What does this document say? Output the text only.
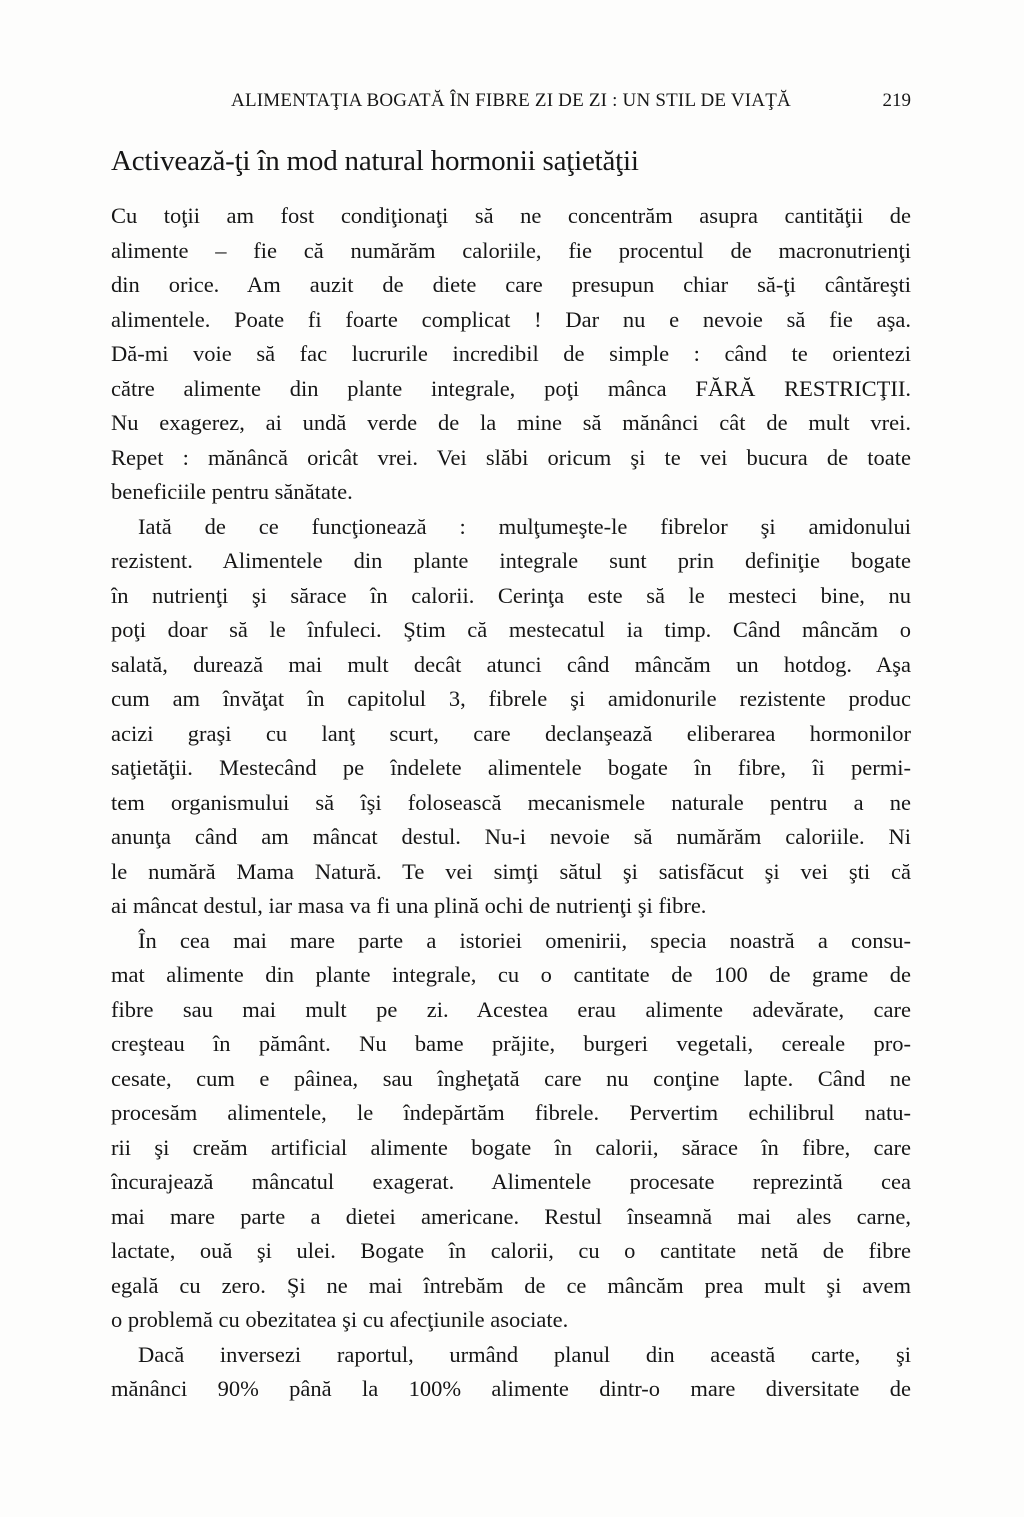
ALIMENTAŢIA BOGATĂ ÎN FIBRE ZI DE ZI : UN STIL DE VIAŢĂ	219
Activează-ţi în mod natural hormonii saţietăţii
Cu toţii am fost condiţionaţi să ne concentrăm asupra cantităţii de
alimente – fie că numărăm caloriile, fie procentul de macronutrienţi
din orice. Am auzit de diete care presupun chiar să-ţi cântăreşti
alimentele. Poate fi foarte complicat ! Dar nu e nevoie să fie aşa.
Dă-mi voie să fac lucrurile incredibil de simple : când te orientezi
către alimente din plante integrale, poţi mânca FĂRĂ RESTRICŢII.
Nu exagerez, ai undă verde de la mine să mănânci cât de mult vrei.
Repet : mănâncă oricât vrei. Vei slăbi oricum şi te vei bucura de toate
beneficiile pentru sănătate.
Iată de ce funcţionează : mulţumeşte-le fibrelor şi amidonului
rezistent. Alimentele din plante integrale sunt prin definiţie bogate
în nutrienţi şi sărace în calorii. Cerinţa este să le mesteci bine, nu
poţi doar să le înfuleci. Ştim că mestecatul ia timp. Când mâncăm o
salată, durează mai mult decât atunci când mâncăm un hotdog. Aşa
cum am învăţat în capitolul 3, fibrele şi amidonurile rezistente produc
acizi graşi cu lanţ scurt, care declanşează eliberarea hormonilor
saţietăţii. Mestecând pe îndelete alimentele bogate în fibre, îi permi-
tem organismului să îşi folosească mecanismele naturale pentru a ne
anunţa când am mâncat destul. Nu-i nevoie să numărăm caloriile. Ni
le numără Mama Natură. Te vei simţi sătul şi satisfăcut şi vei şti că
ai mâncat destul, iar masa va fi una plină ochi de nutrienţi şi fibre.
În cea mai mare parte a istoriei omenirii, specia noastră a consu-
mat alimente din plante integrale, cu o cantitate de 100 de grame de
fibre sau mai mult pe zi. Acestea erau alimente adevărate, care
creşteau în pământ. Nu bame prăjite, burgeri vegetali, cereale pro-
cesate, cum e pâinea, sau îngheţată care nu conţine lapte. Când ne
procesăm alimentele, le îndepărtăm fibrele. Pervertim echilibrul natu-
rii şi creăm artificial alimente bogate în calorii, sărace în fibre, care
încurajează mâncatul exagerat. Alimentele procesate reprezintă cea
mai mare parte a dietei americane. Restul înseamnă mai ales carne,
lactate, ouă şi ulei. Bogate în calorii, cu o cantitate netă de fibre
egală cu zero. Şi ne mai întrebăm de ce mâncăm prea mult şi avem
o problemă cu obezitatea şi cu afecţiunile asociate.
Dacă inversezi raportul, urmând planul din această carte, şi
mănânci 90% până la 100% alimente dintr-o mare diversitate de
